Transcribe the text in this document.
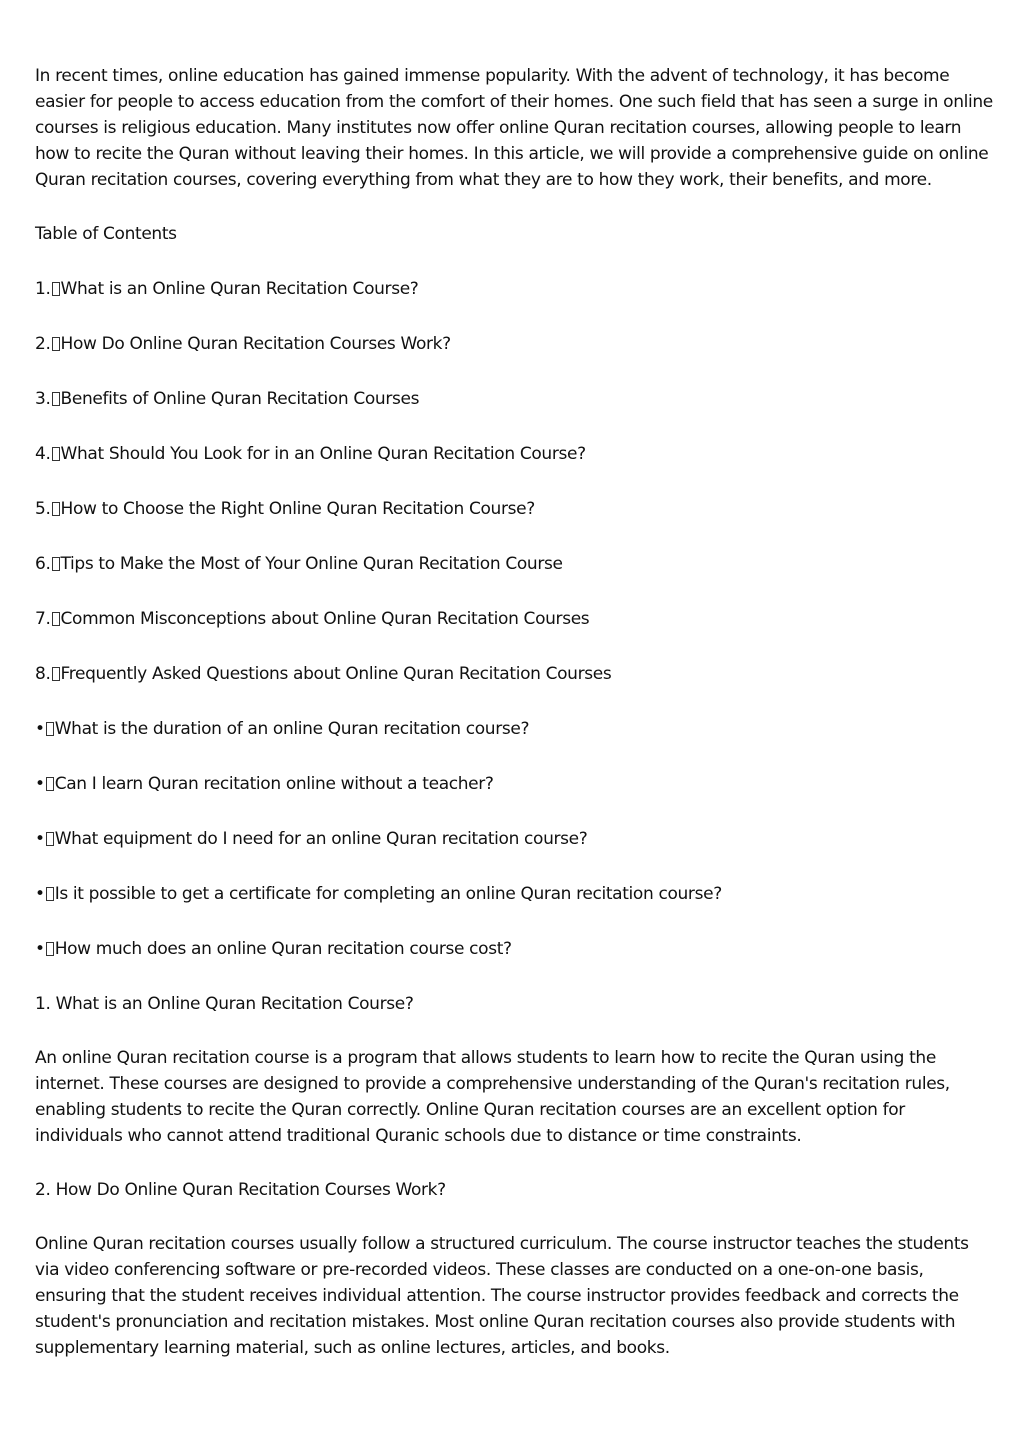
In recent times, online education has gained immense popularity. With the advent of technology, it has become easier for people to access education from the comfort of their homes. One such field that has seen a surge in online courses is religious education. Many institutes now offer online Quran recitation courses, allowing people to learn how to recite the Quran without leaving their homes. In this article, we will provide a comprehensive guide on online Quran recitation courses, covering everything from what they are to how they work, their benefits, and more.

Table of Contents

1. What is an Online Quran Recitation Course?

2. How Do Online Quran Recitation Courses Work?

3. Benefits of Online Quran Recitation Courses

4. What Should You Look for in an Online Quran Recitation Course?

5. How to Choose the Right Online Quran Recitation Course?

6. Tips to Make the Most of Your Online Quran Recitation Course

7. Common Misconceptions about Online Quran Recitation Courses

8. Frequently Asked Questions about Online Quran Recitation Courses

• What is the duration of an online Quran recitation course?

• Can I learn Quran recitation online without a teacher?

• What equipment do I need for an online Quran recitation course?

• Is it possible to get a certificate for completing an online Quran recitation course?

• How much does an online Quran recitation course cost?

1. What is an Online Quran Recitation Course?

An online Quran recitation course is a program that allows students to learn how to recite the Quran using the internet. These courses are designed to provide a comprehensive understanding of the Quran's recitation rules, enabling students to recite the Quran correctly. Online Quran recitation courses are an excellent option for individuals who cannot attend traditional Quranic schools due to distance or time constraints.

2. How Do Online Quran Recitation Courses Work?

Online Quran recitation courses usually follow a structured curriculum. The course instructor teaches the students via video conferencing software or pre-recorded videos. These classes are conducted on a one-on-one basis, ensuring that the student receives individual attention. The course instructor provides feedback and corrects the student's pronunciation and recitation mistakes. Most online Quran recitation courses also provide students with supplementary learning material, such as online lectures, articles, and books.
